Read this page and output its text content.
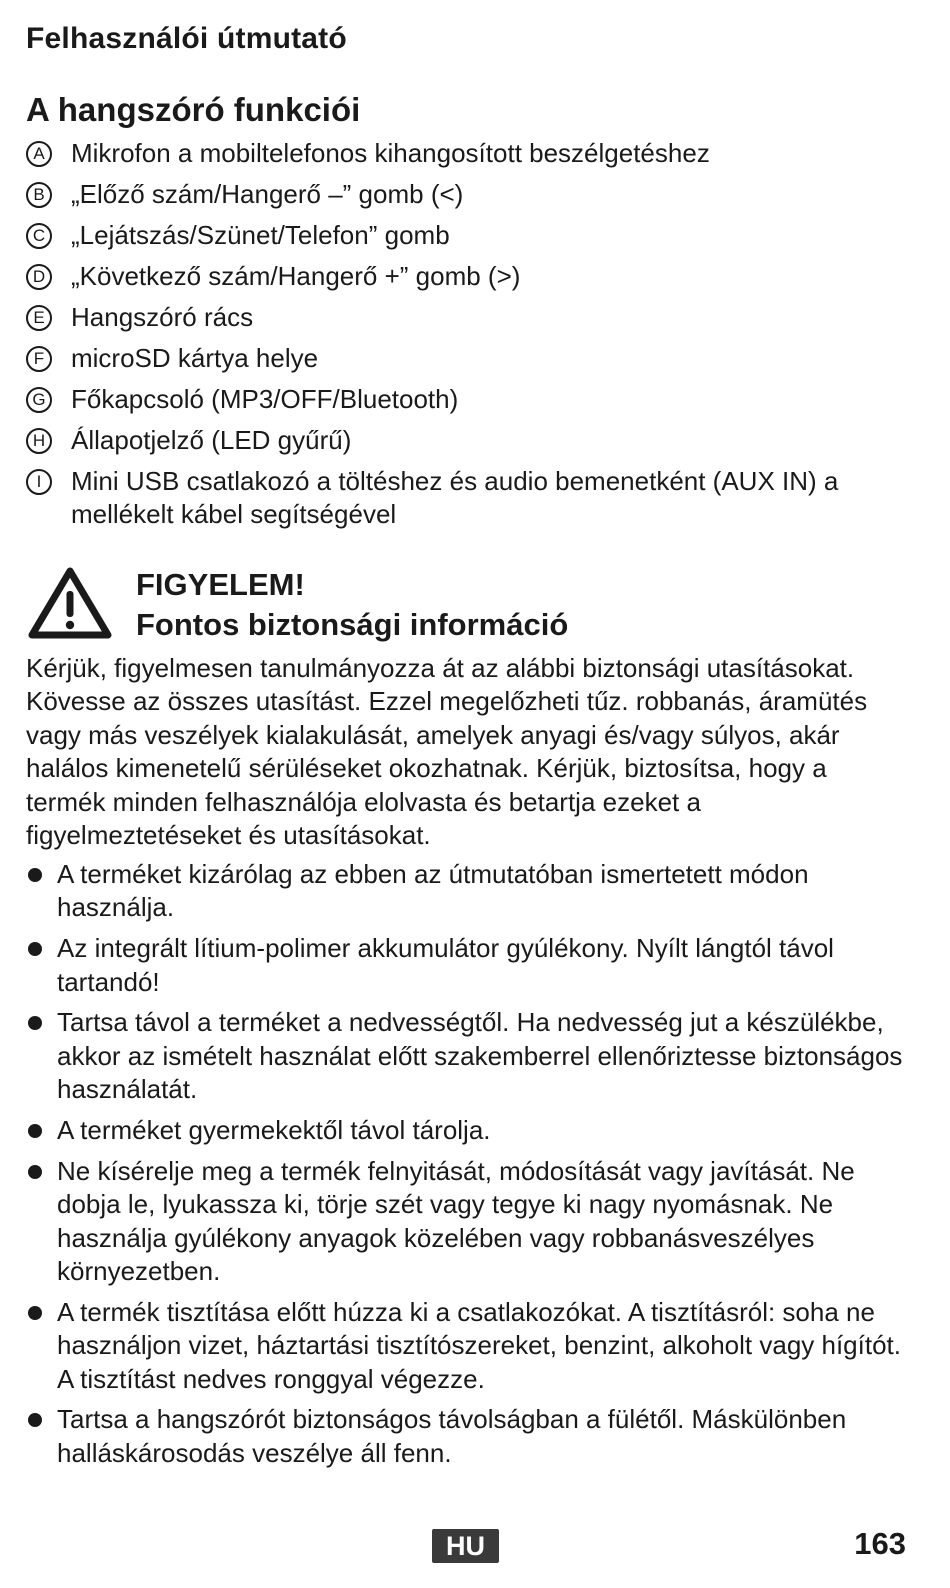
Felhasználói útmutató
A hangszóró funkciói
A Mikrofon a mobiltelefonos kihangosított beszélgetéshez
B „Előző szám/Hangerő –” gomb (<)
C „Lejátszás/Szünet/Telefon” gomb
D „Következő szám/Hangerő +” gomb (>)
E Hangszóró rács
F	microSD kártya helye
G Főkapcsoló (MP3/OFF/Bluetooth)
H Állapotjelző (LED gyűrű)
I	Mini USB csatlakozó a töltéshez és audio bemenetként (AUX IN) a mellékelt kábel segítségével
FIGYELEM!
Fontos biztonsági információ

Kérjük, figyelmesen tanulmányozza át az alábbi biztonsági utasításokat. Kövesse az összes utasítást. Ezzel megelőzheti tűz. robbanás, áramütés vagy más veszélyek kialakulását, amelyek anyagi és/vagy súlyos, akár halálos kimenetelű sérüléseket okozhatnak. Kérjük, biztosítsa, hogy a termék minden felhasználója elolvasta és betartja ezeket a figyelmeztetéseket és utasításokat.

A terméket kizárólag az ebben az útmutatóban ismertetett módon használja.
Az integrált lítium-polimer akkumulátor gyúlékony. Nyílt lángtól távol tartandó!
Tartsa távol a terméket a nedvességtől. Ha nedvesség jut a készülékbe, akkor az ismételt használat előtt szakemberrel ellenőriztesse biztonságos használatát.
A terméket gyermekektől távol tárolja.
Ne kísérelje meg a termék felnyitását, módosítását vagy javítását. Ne dobja le, lyukassza ki, törje szét vagy tegye ki nagy nyomásnak. Ne használja gyúlékony anyagok közelében vagy robbanásveszélyes környezetben.
A termék tisztítása előtt húzza ki a csatlakozókat. A tisztításról: soha ne használjon vizet, háztartási tisztítószereket, benzint, alkoholt vagy hígítót. A tisztítást nedves ronggyal végezze.
Tartsa a hangszórót biztonságos távolságban a fülétől. Máskülönben halláskárosodás veszélye áll fenn.
HU	163
